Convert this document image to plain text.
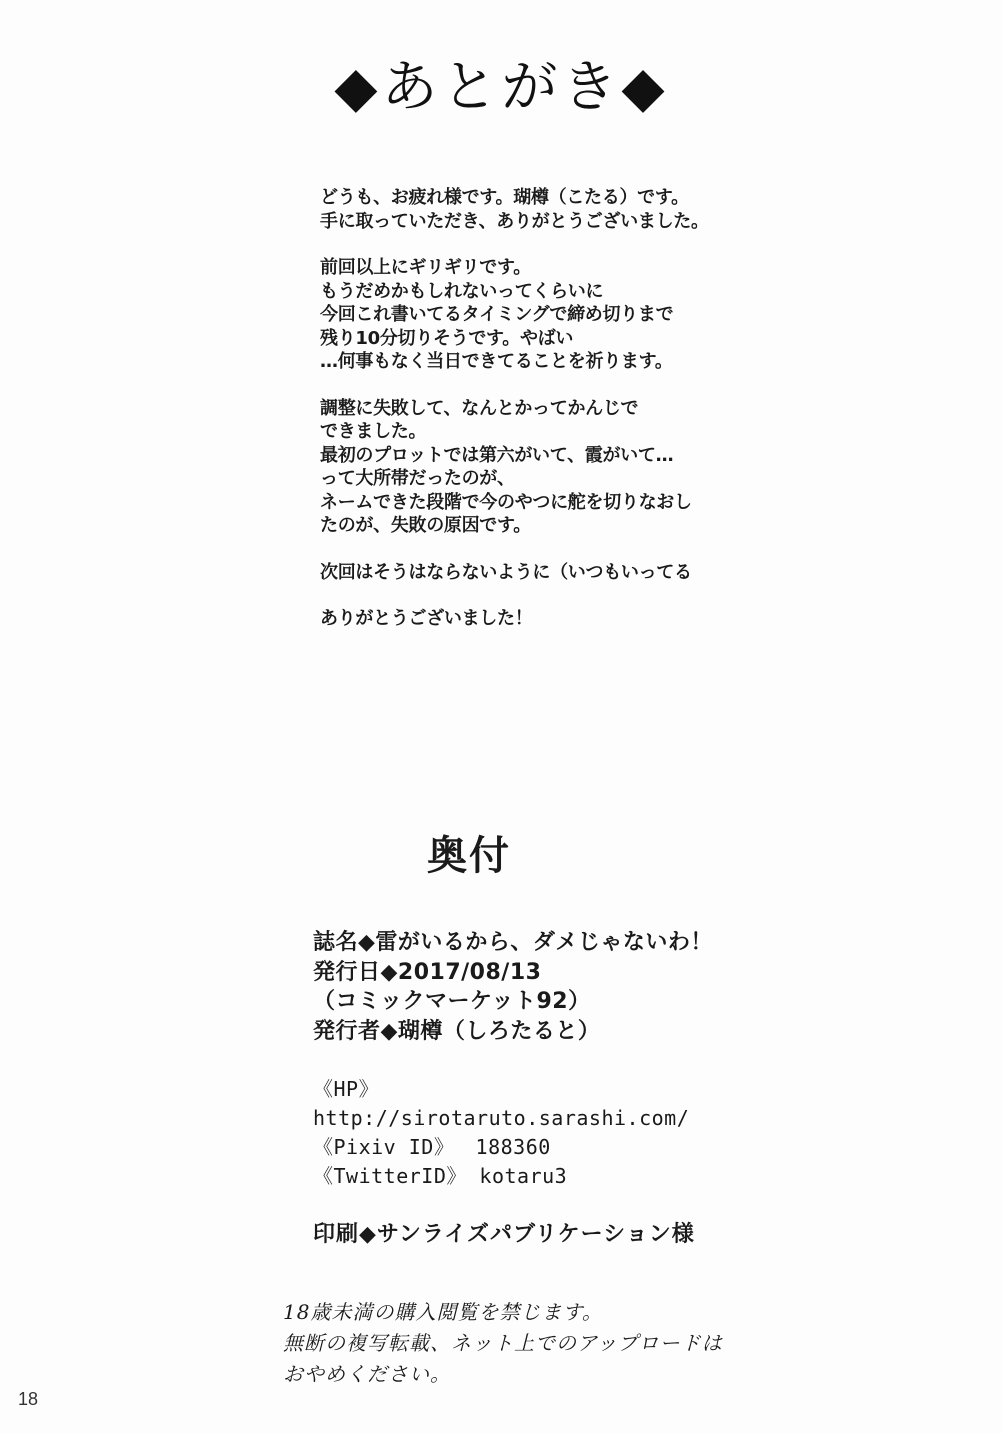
◆あとがき◆

どうも、お疲れ様です。瑚樽（こたる）です。
手に取っていただき、ありがとうございました。

前回以上にギリギリです。
もうだめかもしれないってくらいに
今回これ書いてるタイミングで締め切りまで
残り10分切りそうです。やばい
…何事もなく当日できてることを祈ります。

調整に失敗して、なんとかってかんじで
できました。
最初のプロットでは第六がいて、霞がいて…
って大所帯だったのが、
ネームできた段階で今のやつに舵を切りなおし
たのが、失敗の原因です。

次回はそうはならないように（いつもいってる

ありがとうございました！

奥付
誌名◆雷がいるから、ダメじゃないわ！
発行日◆2017/08/13
（コミックマーケット92）
発行者◆瑚樽（しろたると）
《HP》
http://sirotaruto.sarashi.com/
《Pixiv ID》 188360
《TwitterID》 kotaru3
印刷◆サンライズパブリケーション様
18歳未満の購入閲覧を禁じます。
無断の複写転載、ネット上でのアップロードは
おやめください。
18
